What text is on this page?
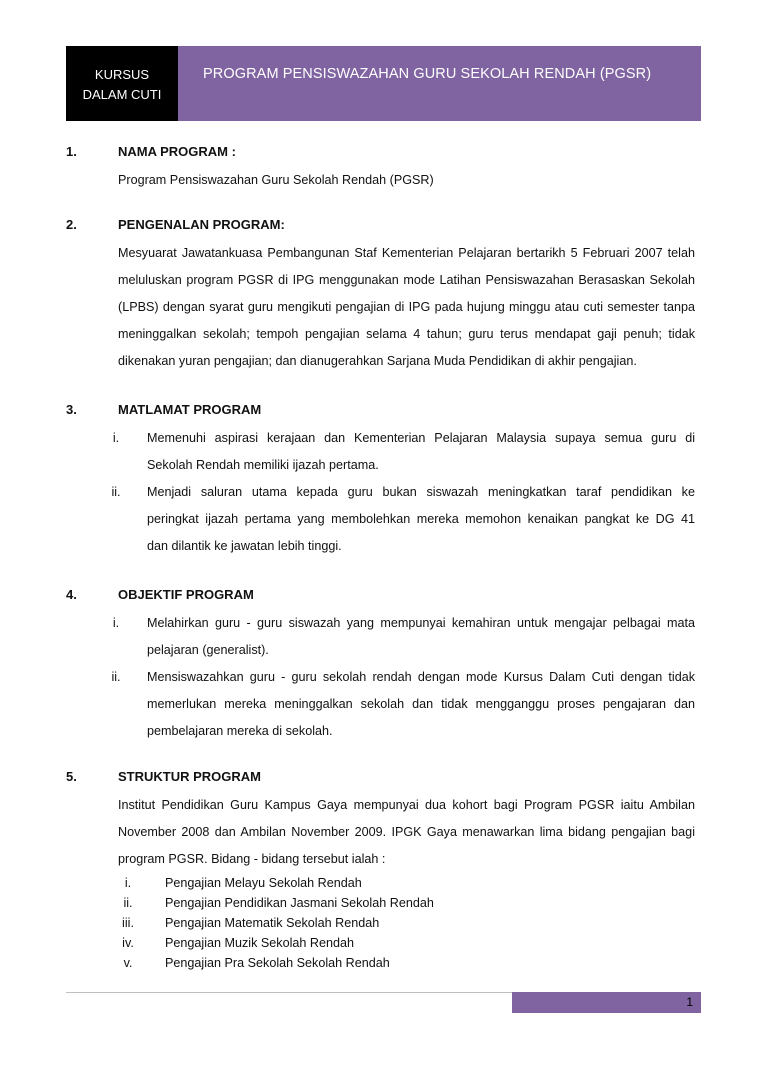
KURSUS
DALAM CUTI
PROGRAM PENSISWAZAHAN GURU SEKOLAH RENDAH (PGSR)
1.	NAMA PROGRAM :
Program Pensiswazahan Guru Sekolah Rendah (PGSR)
2.	PENGENALAN PROGRAM:
Mesyuarat Jawatankuasa Pembangunan Staf Kementerian Pelajaran bertarikh 5 Februari 2007 telah
meluluskan program PGSR di IPG menggunakan mode Latihan Pensiswazahan Berasaskan Sekolah
(LPBS) dengan syarat guru mengikuti pengajian di IPG pada hujung minggu atau cuti semester tanpa
meninggalkan sekolah; tempoh pengajian selama 4 tahun; guru terus mendapat gaji penuh; tidak
dikenakan yuran pengajian; dan dianugerahkan Sarjana Muda Pendidikan di akhir pengajian.
3.	MATLAMAT PROGRAM
i.	Memenuhi aspirasi kerajaan dan Kementerian Pelajaran Malaysia supaya semua guru di
Sekolah Rendah memiliki ijazah pertama.
ii.	Menjadi saluran utama kepada guru bukan siswazah meningkatkan taraf pendidikan ke
peringkat ijazah pertama yang membolehkan mereka memohon kenaikan pangkat ke DG 41
dan dilantik ke jawatan lebih tinggi.
4.	OBJEKTIF PROGRAM
i.	Melahirkan guru - guru siswazah yang mempunyai kemahiran untuk mengajar pelbagai mata
pelajaran (generalist).
ii.	Mensiswazahkan guru - guru sekolah rendah dengan mode Kursus Dalam Cuti dengan tidak
memerlukan mereka meninggalkan sekolah dan tidak mengganggu proses pengajaran dan
pembelajaran mereka di sekolah.
5.	STRUKTUR PROGRAM
Institut Pendidikan Guru Kampus Gaya mempunyai dua kohort bagi Program PGSR iaitu Ambilan
November 2008 dan Ambilan November 2009. IPGK Gaya menawarkan lima bidang pengajian bagi
program PGSR. Bidang - bidang tersebut ialah :
i.	Pengajian Melayu Sekolah Rendah
ii.	Pengajian Pendidikan Jasmani Sekolah Rendah
iii.	Pengajian Matematik Sekolah Rendah
iv.	Pengajian Muzik Sekolah Rendah
v.	Pengajian Pra Sekolah Sekolah Rendah
1
